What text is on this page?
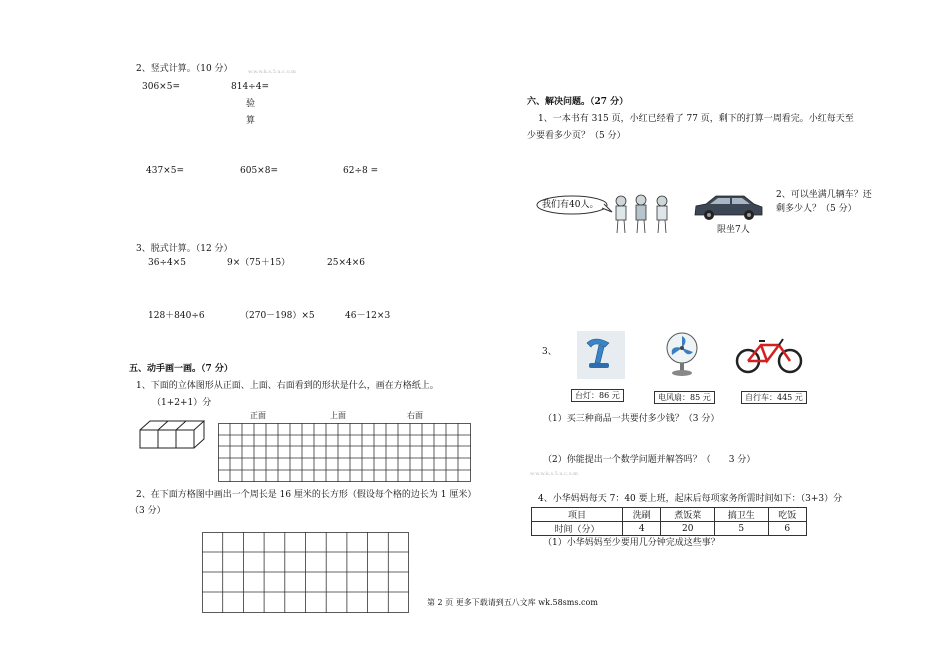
2、竖式计算。（10 分）	w.w.w.k.s.5.u.c.o.m
306×5=	814÷4=
验
算
437×5=	605×8=	62÷8 =
3、脱式计算。（12 分）
36÷4×5	9×（75＋15）	25×4×6
128＋840÷6	（270－198）×5	46－12×3
五、动手画一画。（7 分）
1、下面的立体图形从正面、上面、右面看到的形状是什么，画在方格纸上。
（1+2+1）分
正面	上面	右面
2、在下面方格图中画出一个周长是 16 厘米的长方形（假设每个格的边长为 1 厘米）
（3 分）
六、解决问题。（27 分）
1、一本书有 315 页，小红已经看了 77 页，剩下的打算一周看完。小红每天至
少要看多少页？（5 分）
我们有40人。
限坐7人
2、可以坐满几辆车？还
剩多少人？（5 分）
3、
台灯：86 元	电风扇：85 元	自行车：445 元
（1）买三种商品一共要付多少钱？（3 分）
（2）你能提出一个数学问题并解答吗？（　　3 分）
w.w.w.k.s.5.u.c.o.m
4、小华妈妈每天 7：40 要上班，起床后每项家务所需时间如下：（3+3）分
项目	洗刷	煮饭菜	搞卫生	吃饭
时间（分）	4	20	5	6
（1）小华妈妈至少要用几分钟完成这些事？
第 2 页 更多下载请到五八文库 wk.58sms.com
